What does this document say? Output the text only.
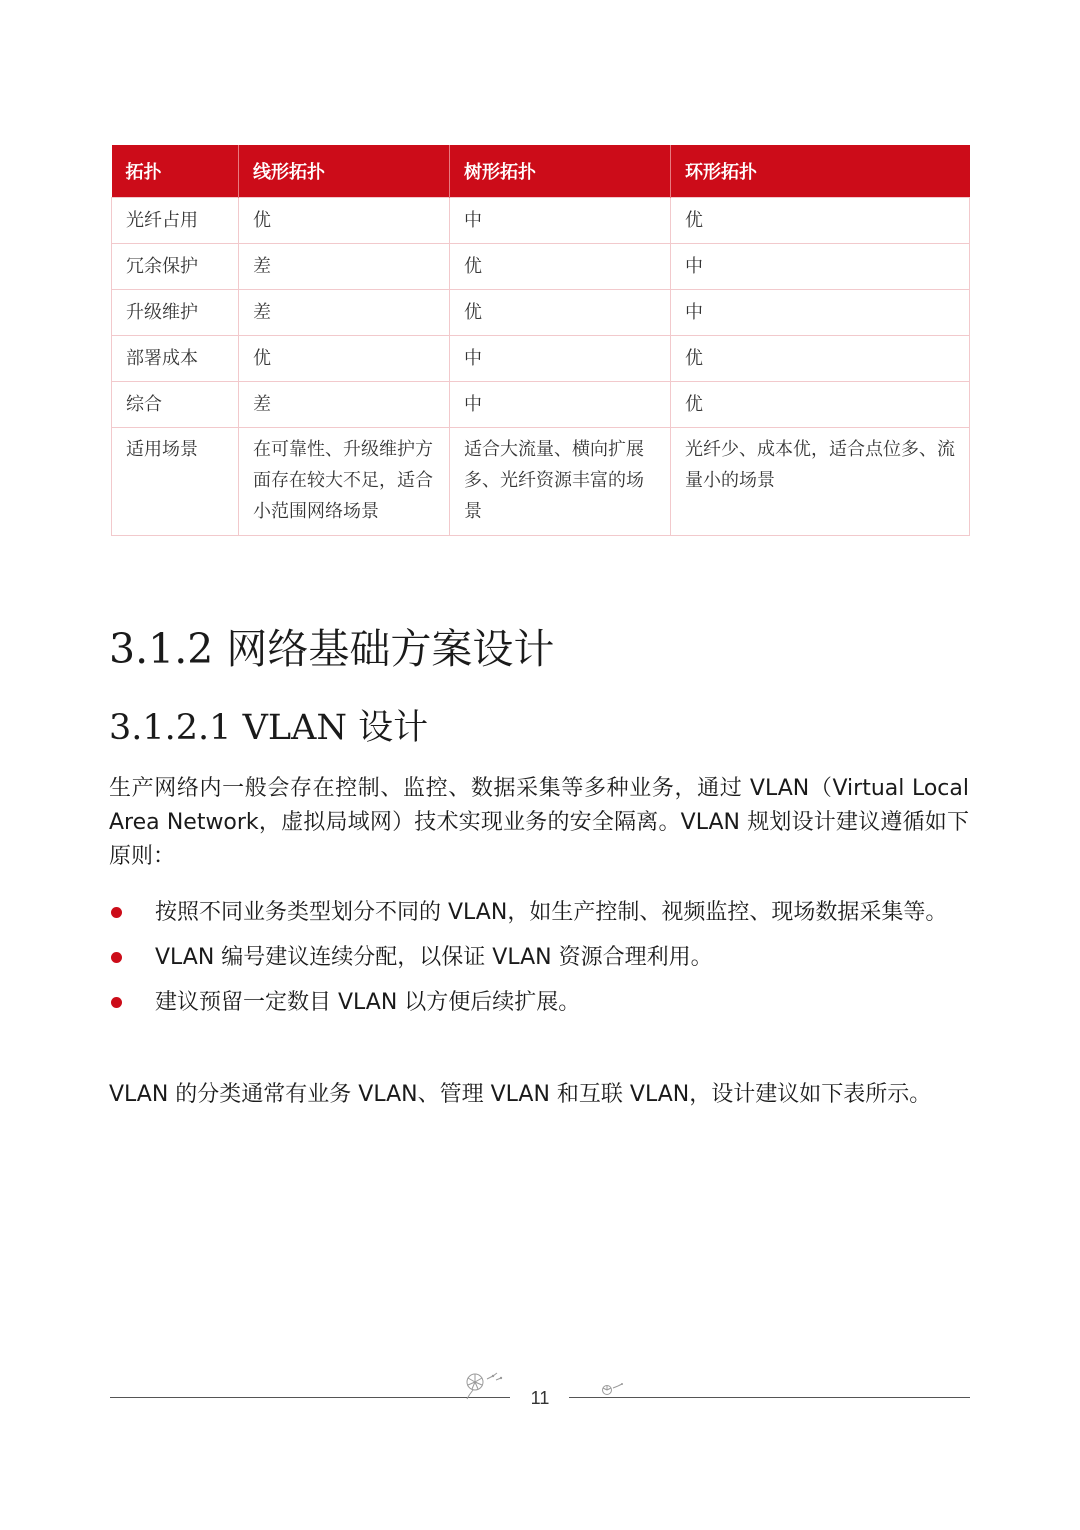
拓扑	线形拓扑	树形拓扑	环形拓扑
光纤占用	优	中	优
冗余保护	差	优	中
升级维护	差	优	中
部署成本	优	中	优
综合	差	中	优
适用场景	在可靠性、升级维护方面存在较大不足，适合小范围网络场景	适合大流量、横向扩展多、光纤资源丰富的场景	光纤少、成本优，适合点位多、流量小的场景
3.1.2 网络基础方案设计
3.1.2.1 VLAN 设计

生产网络内一般会存在控制、监控、数据采集等多种业务，通过 VLAN（Virtual Local Area Network，虚拟局域网）技术实现业务的安全隔离。VLAN 规划设计建议遵循如下原则：

按照不同业务类型划分不同的 VLAN，如生产控制、视频监控、现场数据采集等。
VLAN 编号建议连续分配，以保证 VLAN 资源合理利用。
建议预留一定数目 VLAN 以方便后续扩展。

VLAN 的分类通常有业务 VLAN、管理 VLAN 和互联 VLAN，设计建议如下表所示。

11
